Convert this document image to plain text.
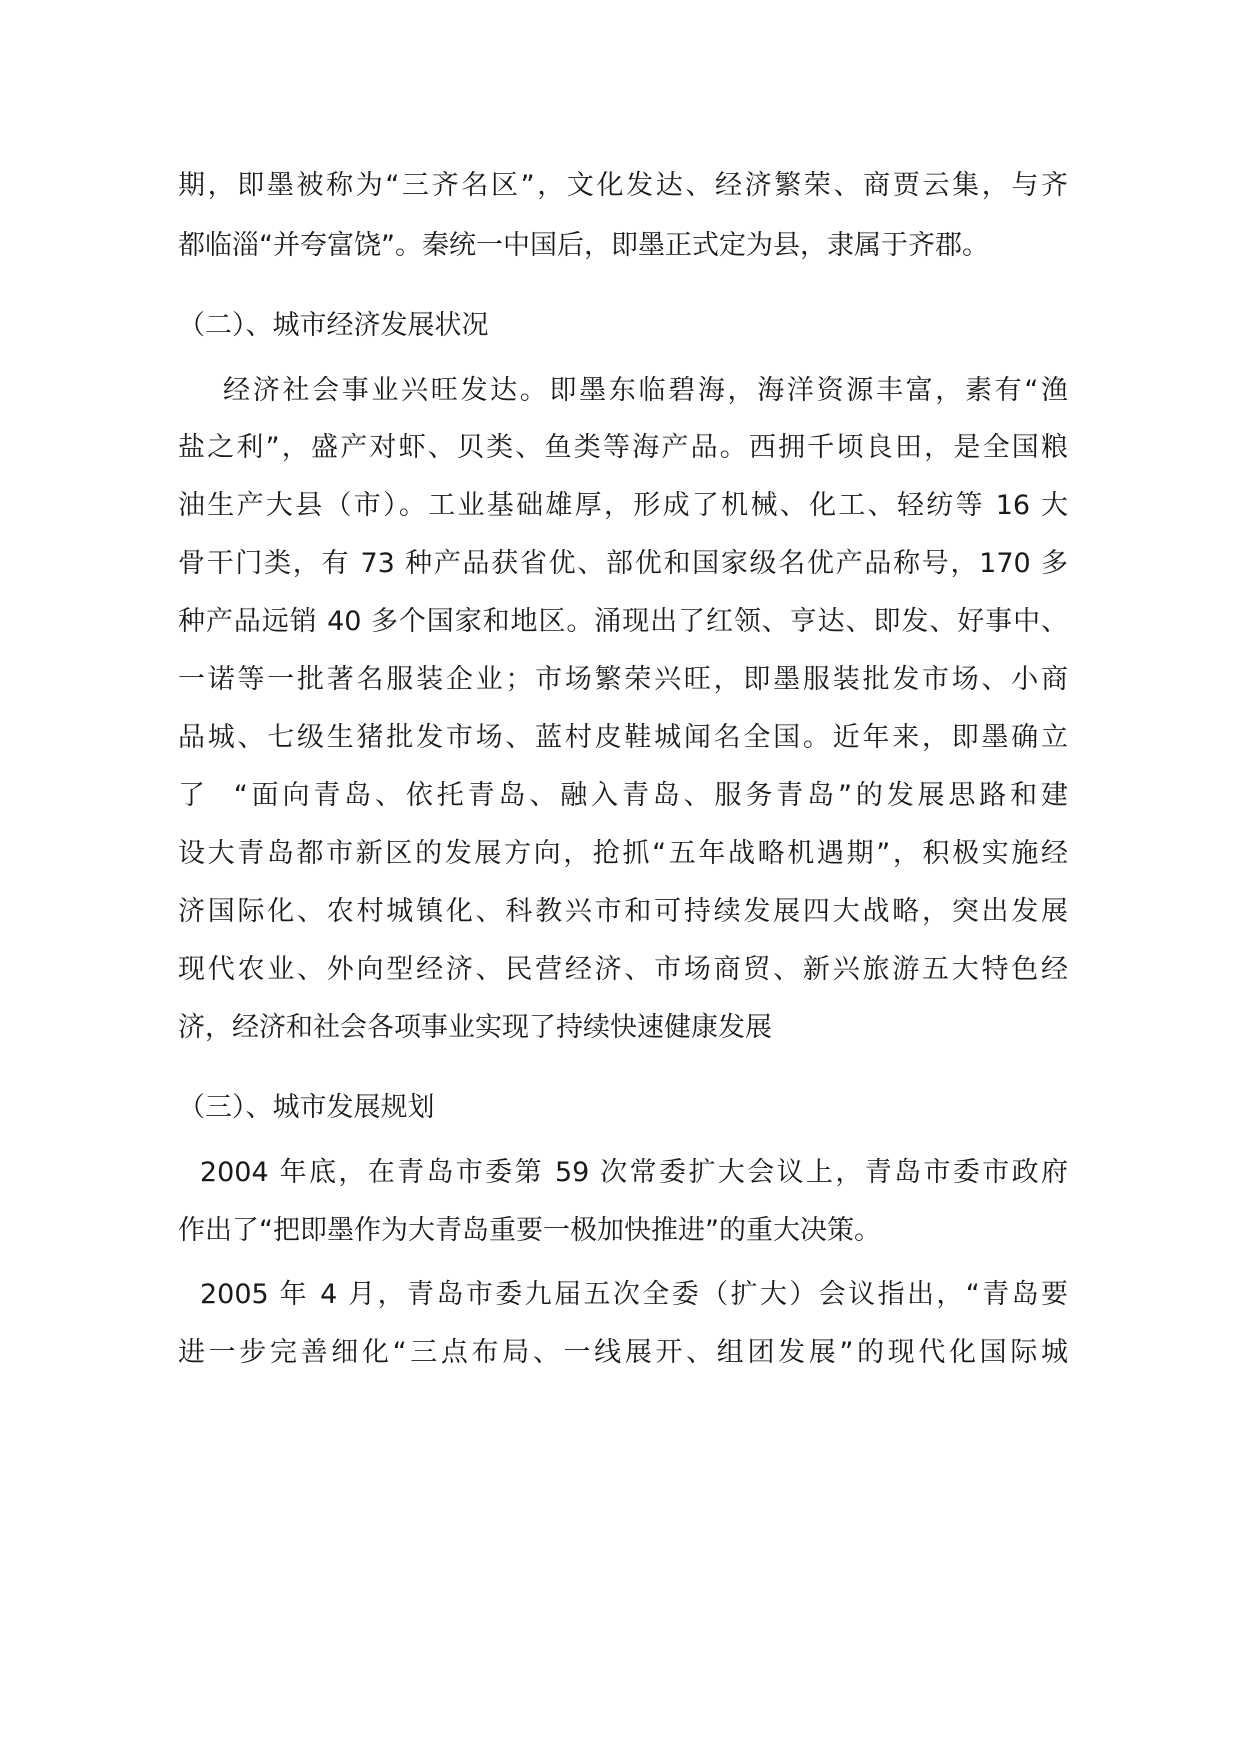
期，即墨被称为“三齐名区”，文化发达、经济繁荣、商贾云集，与齐
都临淄“并夸富饶”。秦统一中国后，即墨正式定为县，隶属于齐郡。
（二）、城市经济发展状况
经济社会事业兴旺发达。即墨东临碧海，海洋资源丰富，素有“渔
盐之利”，盛产对虾、贝类、鱼类等海产品。西拥千顷良田，是全国粮
油生产大县（市）。工业基础雄厚，形成了机械、化工、轻纺等 16 大
骨干门类，有 73 种产品获省优、部优和国家级名优产品称号，170 多
种产品远销 40 多个国家和地区。涌现出了红领、亨达、即发、好事中、
一诺等一批著名服装企业；市场繁荣兴旺，即墨服装批发市场、小商
品城、七级生猪批发市场、蓝村皮鞋城闻名全国。近年来，即墨确立
了  “面向青岛、依托青岛、融入青岛、服务青岛”的发展思路和建
设大青岛都市新区的发展方向，抢抓“五年战略机遇期”，积极实施经
济国际化、农村城镇化、科教兴市和可持续发展四大战略，突出发展
现代农业、外向型经济、民营经济、市场商贸、新兴旅游五大特色经
济，经济和社会各项事业实现了持续快速健康发展
（三）、城市发展规划
2004 年底，在青岛市委第 59 次常委扩大会议上，青岛市委市政府
作出了“把即墨作为大青岛重要一极加快推进”的重大决策。
2005 年 4 月，青岛市委九届五次全委（扩大）会议指出，“青岛要
进一步完善细化“三点布局、一线展开、组团发展”的现代化国际城
